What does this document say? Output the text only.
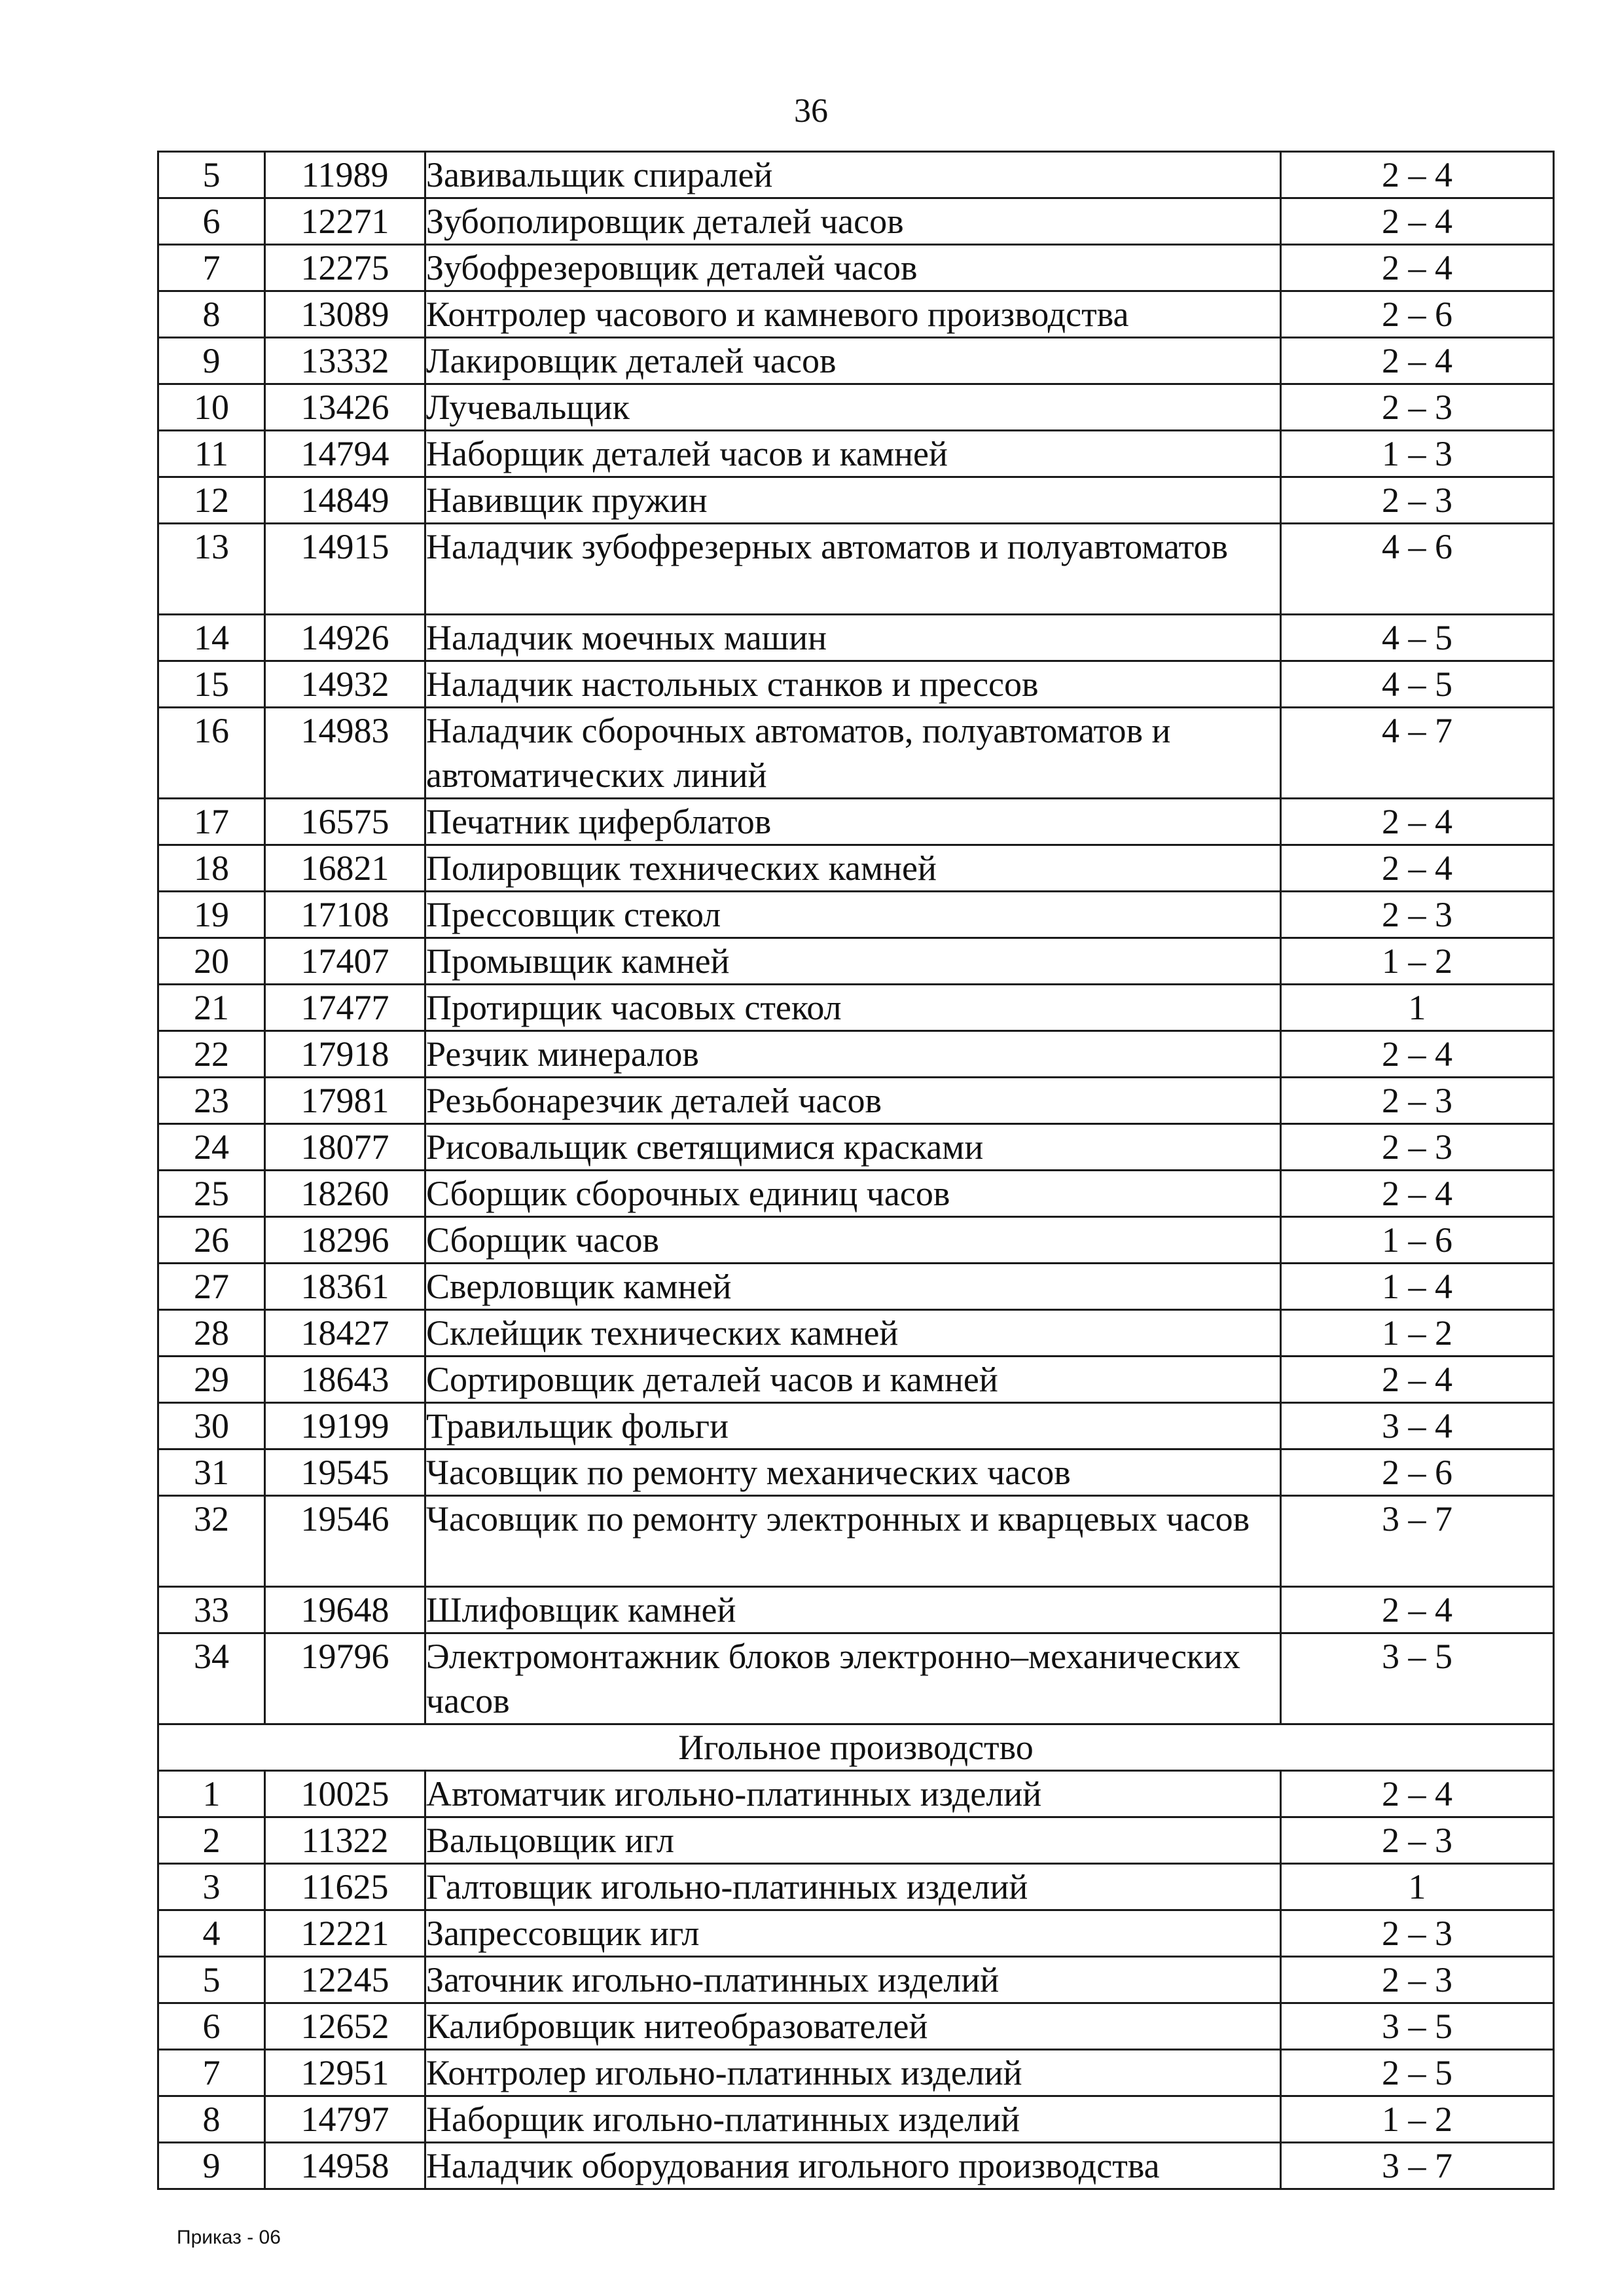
36
5	11989	Завивальщик спиралей	2 – 4
6	12271	Зубополировщик деталей часов	2 – 4
7	12275	Зубофрезеровщик деталей часов	2 – 4
8	13089	Контролер часового и камневого производства	2 – 6
9	13332	Лакировщик деталей часов	2 – 4
10	13426	Лучевальщик	2 – 3
11	14794	Наборщик деталей часов и камней	1 – 3
12	14849	Навивщик пружин	2 – 3
13	14915	Наладчик зубофрезерных автоматов и полуавтоматов	4 – 6
14	14926	Наладчик моечных машин	4 – 5
15	14932	Наладчик настольных станков и прессов	4 – 5
16	14983	Наладчик сборочных автоматов, полуавтоматов и автоматических линий	4 – 7
17	16575	Печатник циферблатов	2 – 4
18	16821	Полировщик технических камней	2 – 4
19	17108	Прессовщик стекол	2 – 3
20	17407	Промывщик камней	1 – 2
21	17477	Протирщик часовых стекол	1
22	17918	Резчик минералов	2 – 4
23	17981	Резьбонарезчик деталей часов	2 – 3
24	18077	Рисовальщик светящимися красками	2 – 3
25	18260	Сборщик сборочных единиц часов	2 – 4
26	18296	Сборщик часов	1 – 6
27	18361	Сверловщик камней	1 – 4
28	18427	Склейщик технических камней	1 – 2
29	18643	Сортировщик деталей часов и камней	2 – 4
30	19199	Травильщик фольги	3 – 4
31	19545	Часовщик по ремонту механических часов	2 – 6
32	19546	Часовщик по ремонту электронных и кварцевых часов	3 – 7
33	19648	Шлифовщик камней	2 – 4
34	19796	Электромонтажник блоков электронно–механических часов	3 – 5
Игольное производство			
1	10025	Автоматчик игольно-платинных изделий	2 – 4
2	11322	Вальцовщик игл	2 – 3
3	11625	Галтовщик игольно-платинных изделий	1
4	12221	Запрессовщик игл	2 – 3
5	12245	Заточник игольно-платинных изделий	2 – 3
6	12652	Калибровщик нитеобразователей	3 – 5
7	12951	Контролер игольно-платинных изделий	2 – 5
8	14797	Наборщик игольно-платинных изделий	1 – 2
9	14958	Наладчик оборудования игольного производства	3 – 7
Приказ - 06
